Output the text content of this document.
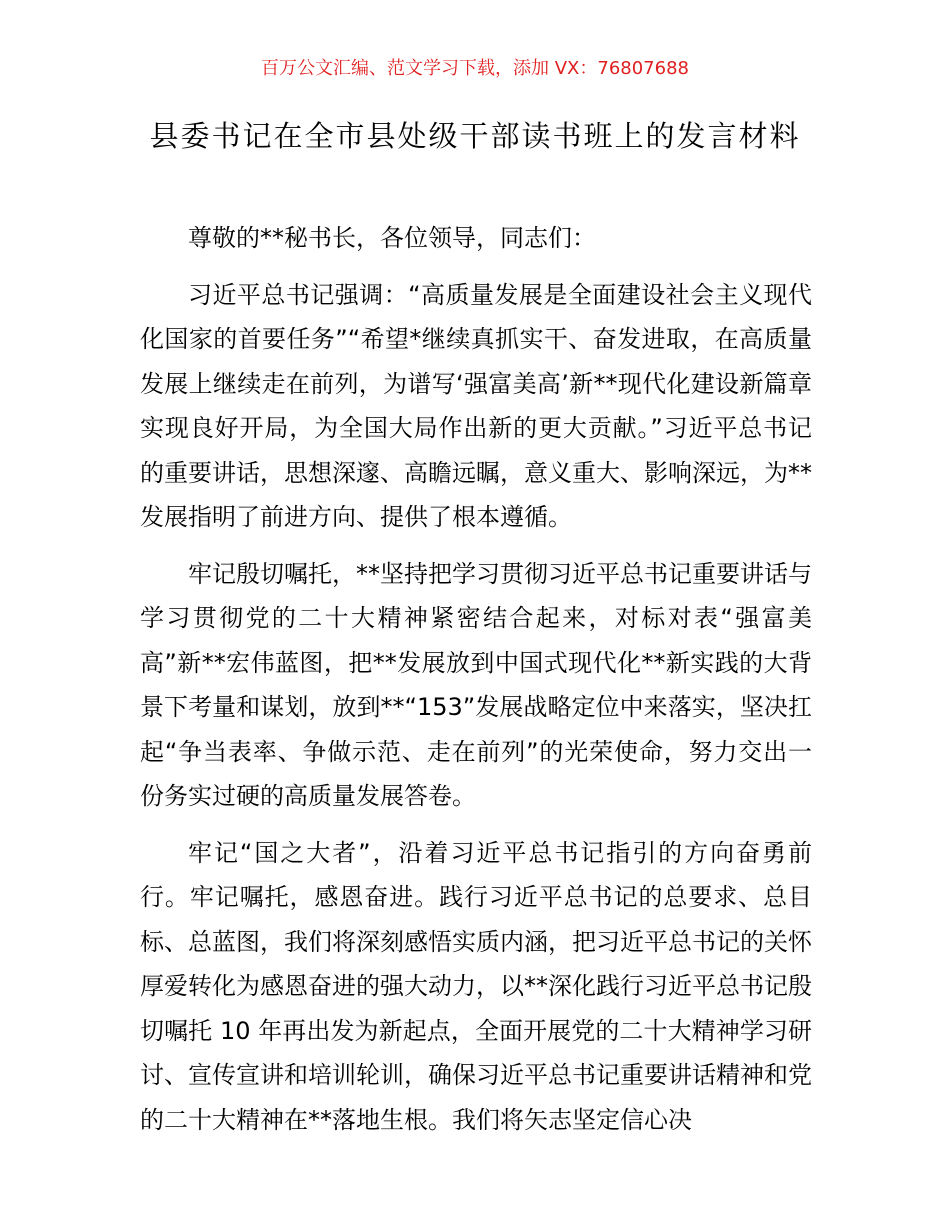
百万公文汇编、范文学习下载，添加 VX：76807688
县委书记在全市县处级干部读书班上的发言材料

尊敬的**秘书长，各位领导，同志们：

习近平总书记强调：“高质量发展是全面建设社会主义现代化国家的首要任务”“希望*继续真抓实干、奋发进取，在高质量发展上继续走在前列，为谱写‘强富美高’新**现代化建设新篇章实现良好开局，为全国大局作出新的更大贡献。”习近平总书记的重要讲话，思想深邃、高瞻远瞩，意义重大、影响深远，为**发展指明了前进方向、提供了根本遵循。

牢记殷切嘱托，**坚持把学习贯彻习近平总书记重要讲话与学习贯彻党的二十大精神紧密结合起来，对标对表“强富美高”新**宏伟蓝图，把**发展放到中国式现代化**新实践的大背景下考量和谋划，放到**“153”发展战略定位中来落实，坚决扛起“争当表率、争做示范、走在前列”的光荣使命，努力交出一份务实过硬的高质量发展答卷。

牢记“国之大者”，沿着习近平总书记指引的方向奋勇前行。牢记嘱托，感恩奋进。践行习近平总书记的总要求、总目标、总蓝图，我们将深刻感悟实质内涵，把习近平总书记的关怀厚爱转化为感恩奋进的强大动力，以**深化践行习近平总书记殷切嘱托 10 年再出发为新起点，全面开展党的二十大精神学习研讨、宣传宣讲和培训轮训，确保习近平总书记重要讲话精神和党的二十大精神在**落地生根。我们将矢志坚定信心决
